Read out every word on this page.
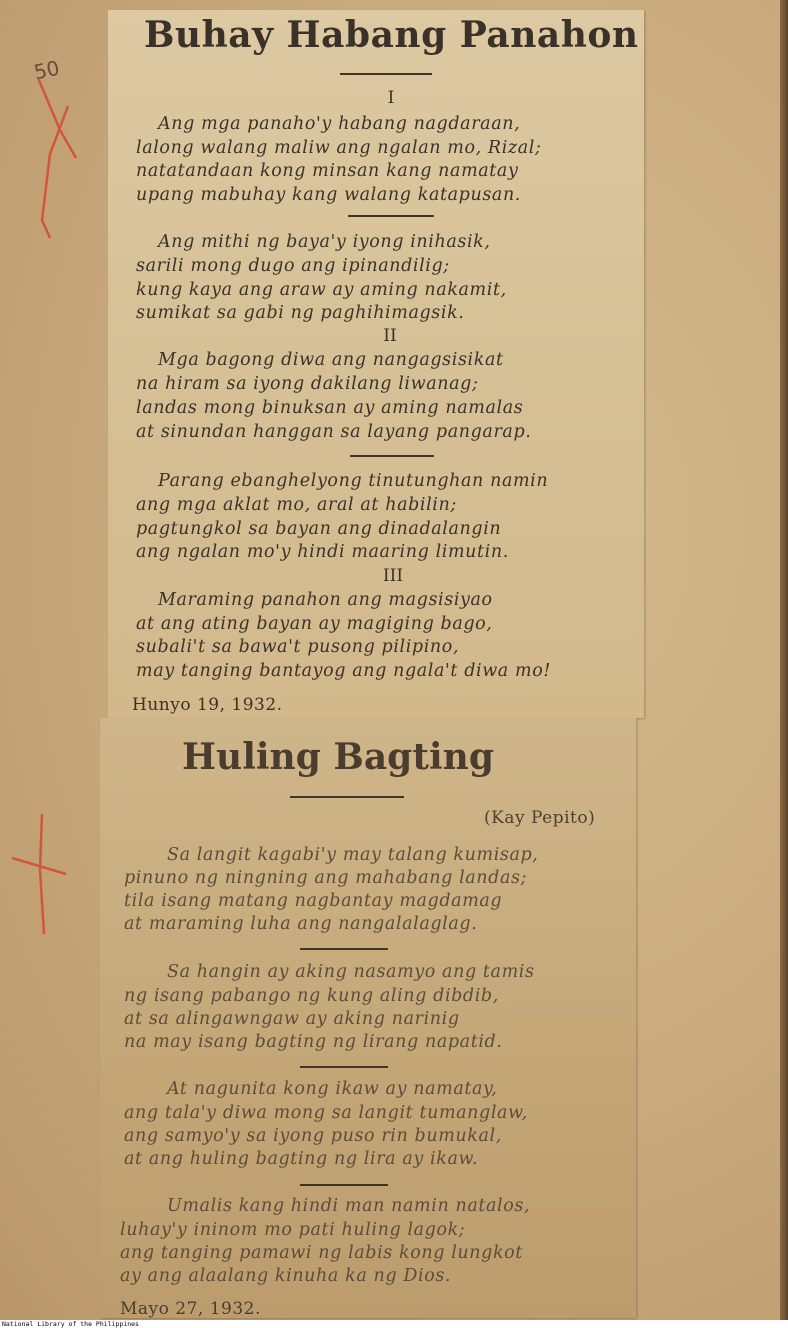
50
Buhay Habang Panahon
I
Ang mga panaho'y habang nagdaraan,
lalong walang maliw ang ngalan mo, Rizal;
natatandaan kong minsan kang namatay
upang mabuhay kang walang katapusan.
Ang mithi ng baya'y iyong inihasik,
sarili mong dugo ang ipinandilig;
kung kaya ang araw ay aming nakamit,
sumikat sa gabi ng paghihimagsik.
II
Mga bagong diwa ang nangagsisikat
na hiram sa iyong dakilang liwanag;
landas mong binuksan ay aming namalas
at sinundan hanggan sa layang pangarap.
Parang ebanghelyong tinutunghan namin
ang mga aklat mo, aral at habilin;
pagtungkol sa bayan ang dinadalangin
ang ngalan mo'y hindi maaring limutin.
III
Maraming panahon ang magsisiyao
at ang ating bayan ay magiging bago,
subali't sa bawa't pusong pilipino,
may tanging bantayog ang ngala't diwa mo!
Hunyo 19, 1932.
Huling Bagting
(Kay Pepito)
Sa langit kagabi'y may talang kumisap,
pinuno ng ningning ang mahabang landas;
tila isang matang nagbantay magdamag
at maraming luha ang nangalalaglag.
Sa hangin ay aking nasamyo ang tamis
ng isang pabango ng kung aling dibdib,
at sa alingawngaw ay aking narinig
na may isang bagting ng lirang napatid.
At nagunita kong ikaw ay namatay,
ang tala'y diwa mong sa langit tumanglaw,
ang samyo'y sa iyong puso rin bumukal,
at ang huling bagting ng lira ay ikaw.
Umalis kang hindi man namin natalos,
luhay'y ininom mo pati huling lagok;
ang tanging pamawi ng labis kong lungkot
ay ang alaalang kinuha ka ng Dios.
Mayo 27, 1932.
National Library of the Philippines
